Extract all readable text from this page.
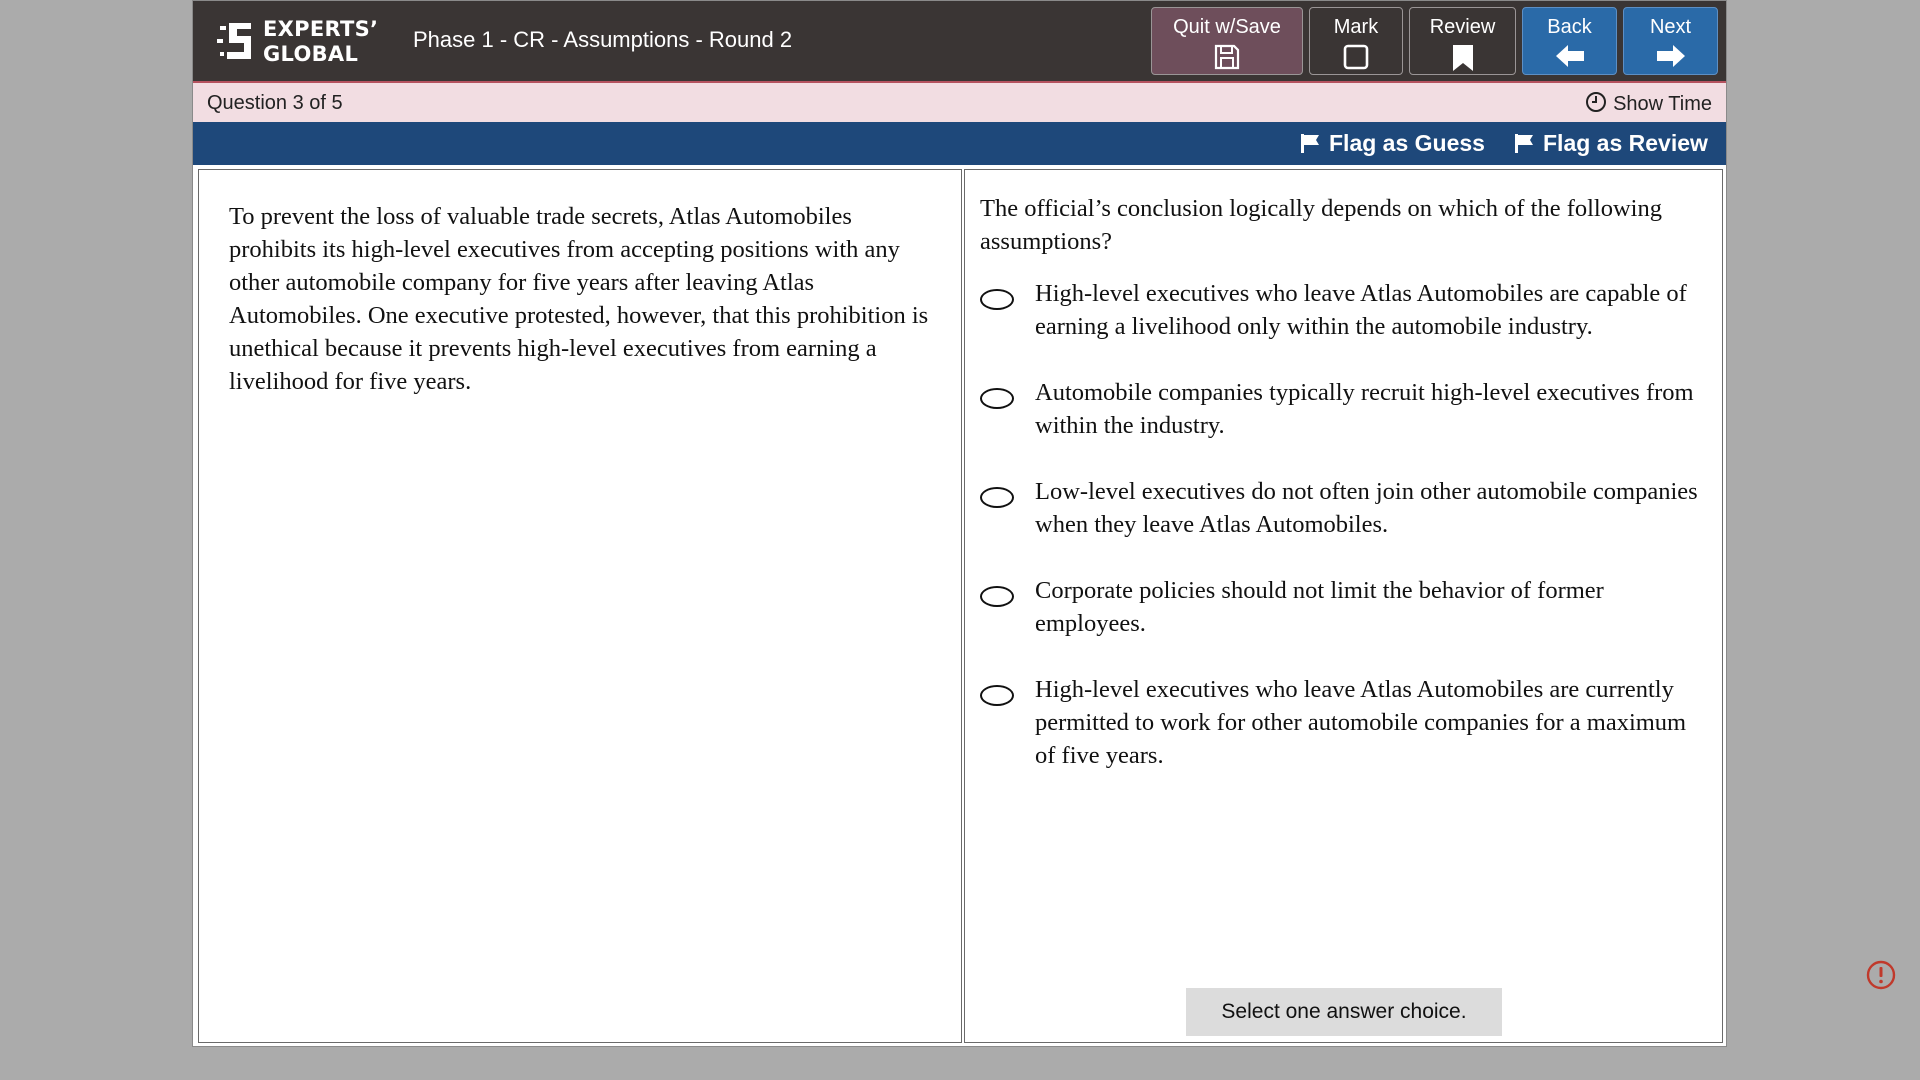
EXPERTS’
GLOBAL
Phase 1 - CR - Assumptions - Round 2	Quit w/Save	Mark	Review	Back	Next
Question 3 of 5	Show Time
Flag as Guess	Flag as Review
To prevent the loss of valuable trade secrets, Atlas Automobiles prohibits its high-level executives from accepting positions with any other automobile company for five years after leaving Atlas Automobiles. One executive protested, however, that this prohibition is unethical because it prevents high-level executives from earning a livelihood for five years.
The official’s conclusion logically depends on which of the following assumptions?
High-level executives who leave Atlas Automobiles are capable of earning a livelihood only within the automobile industry.
Automobile companies typically recruit high-level executives from within the industry.
Low-level executives do not often join other automobile companies when they leave Atlas Automobiles.
Corporate policies should not limit the behavior of former employees.
High-level executives who leave Atlas Automobiles are currently permitted to work for other automobile companies for a maximum of five years.
Select one answer choice.
